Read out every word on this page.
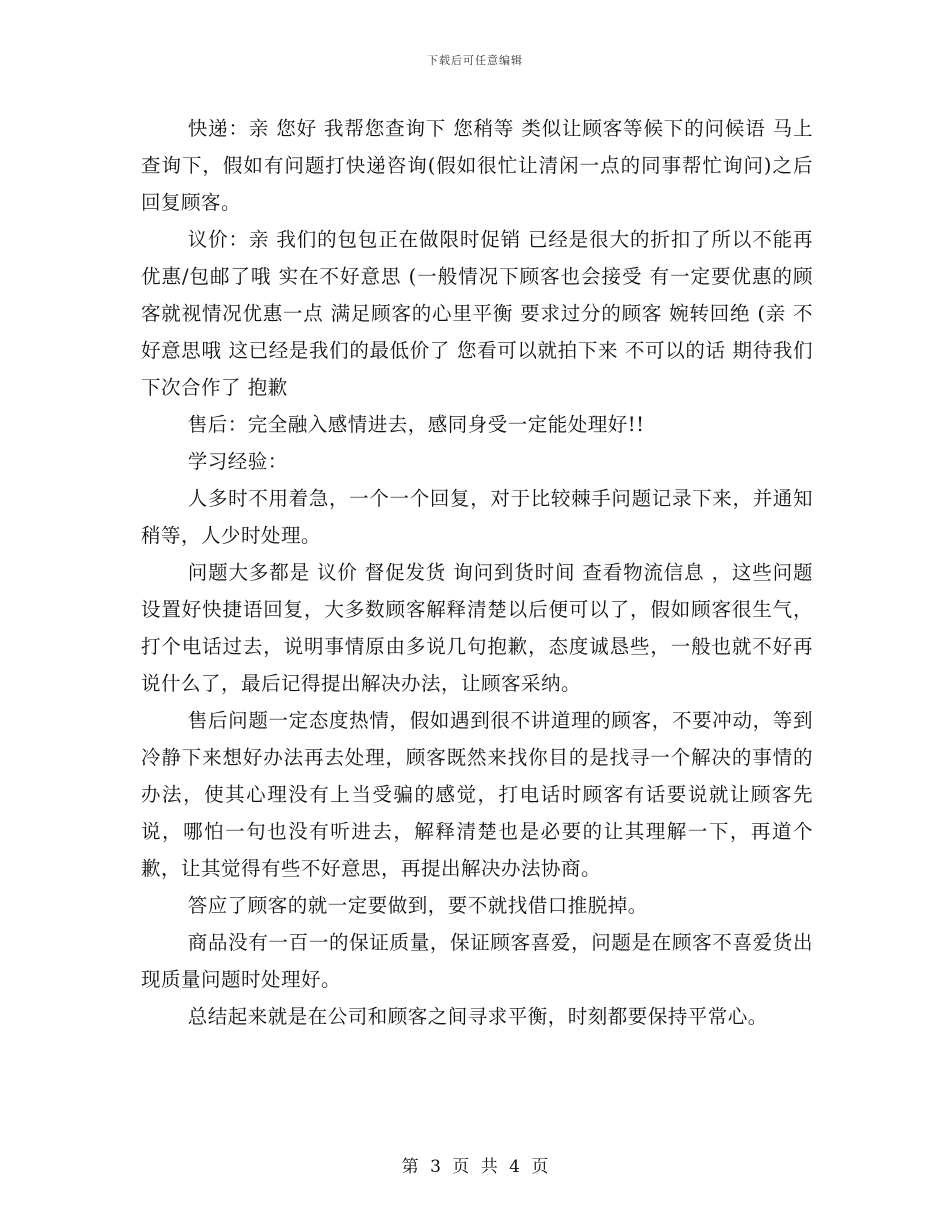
下载后可任意编辑

快递：亲 您好 我帮您查询下 您稍等 类似让顾客等候下的问候语 马上查询下，假如有问题打快递咨询(假如很忙让清闲一点的同事帮忙询问)之后回复顾客。

议价：亲 我们的包包正在做限时促销 已经是很大的折扣了所以不能再优惠/包邮了哦 实在不好意思 (一般情况下顾客也会接受 有一定要优惠的顾客就视情况优惠一点 满足顾客的心里平衡 要求过分的顾客 婉转回绝 (亲 不好意思哦 这已经是我们的最低价了 您看可以就拍下来 不可以的话 期待我们下次合作了 抱歉

售后：完全融入感情进去，感同身受一定能处理好!!

学习经验：

人多时不用着急，一个一个回复，对于比较棘手问题记录下来，并通知稍等，人少时处理。

问题大多都是 议价 督促发货 询问到货时间 查看物流信息 ，这些问题设置好快捷语回复，大多数顾客解释清楚以后便可以了，假如顾客很生气，打个电话过去，说明事情原由多说几句抱歉，态度诚恳些，一般也就不好再说什么了，最后记得提出解决办法，让顾客采纳。

售后问题一定态度热情，假如遇到很不讲道理的顾客，不要冲动，等到冷静下来想好办法再去处理，顾客既然来找你目的是找寻一个解决的事情的办法，使其心理没有上当受骗的感觉，打电话时顾客有话要说就让顾客先说，哪怕一句也没有听进去，解释清楚也是必要的让其理解一下，再道个歉，让其觉得有些不好意思，再提出解决办法协商。

答应了顾客的就一定要做到，要不就找借口推脱掉。

商品没有一百一的保证质量，保证顾客喜爱，问题是在顾客不喜爱货出现质量问题时处理好。

总结起来就是在公司和顾客之间寻求平衡，时刻都要保持平常心。

第 3 页 共 4 页
